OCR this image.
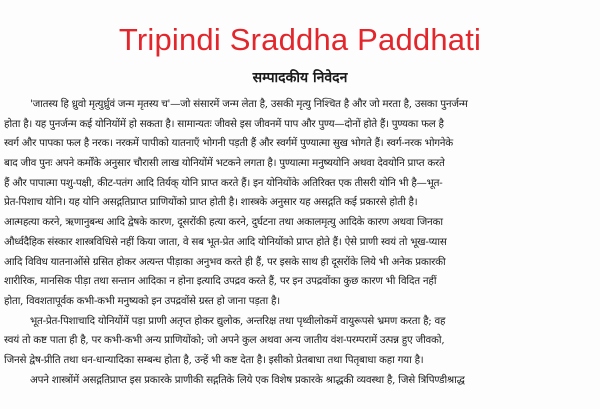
Tripindi Sraddha Paddhati
सम्पादकीय निवेदन
'जातस्य हि ध्रुवो मृत्युर्ध्रुवं जन्म मृतस्य च'—जो संसारमें जन्म लेता है, उसकी मृत्यु निश्चित है और जो मरता है, उसका पुनर्जन्म
होता है। यह पुनर्जन्म कई योनियोंमें हो सकता है। सामान्यतः जीवसे इस जीवनमें पाप और पुण्य—दोनों होते हैं। पुण्यका फल है
स्वर्ग और पापका फल है नरक। नरकमें पापीको यातनाएँ भोगनी पड़ती हैं और स्वर्गमें पुण्यात्मा सुख भोगते हैं। स्वर्ग-नरक भोगनेके
बाद जीव पुनः अपने कर्मोंके अनुसार चौरासी लाख योनियोंमें भटकने लगता है। पुण्यात्मा मनुष्ययोनि अथवा देवयोनि प्राप्त करते
हैं और पापात्मा पशु-पक्षी, कीट-पतंग आदि तिर्यक् योनि प्राप्त करते हैं। इन योनियोंके अतिरिक्त एक तीसरी योनि भी है—भूत-
प्रेत-पिशाच योनि। यह योनि असद्गतिप्राप्त प्राणियोंको प्राप्त होती है। शास्त्रके अनुसार यह असद्गति कई प्रकारसे होती है।
आत्महत्या करने, ऋणानुबन्ध आदि द्वेषके कारण, दूसरोंकी हत्या करने, दुर्घटना तथा अकालमृत्यु आदिके कारण अथवा जिनका
और्ध्वदैहिक संस्कार शास्त्रविधिसे नहीं किया जाता, वे सब भूत-प्रेत आदि योनियोंको प्राप्त होते हैं। ऐसे प्राणी स्वयं तो भूख-प्यास
आदि विविध यातनाओंसे ग्रसित होकर अत्यन्त पीड़ाका अनुभव करते ही हैं, पर इसके साथ ही दूसरोंके लिये भी अनेक प्रकारकी
शारीरिक, मानसिक पीड़ा तथा सन्तान आदिका न होना इत्यादि उपद्रव करते हैं, पर इन उपद्रवोंका कुछ कारण भी विदित नहीं
होता, विवशतापूर्वक कभी-कभी मनुष्यको इन उपद्रवोंसे ग्रस्त हो जाना पड़ता है।
भूत-प्रेत-पिशाचादि योनियोंमें पड़ा प्राणी अतृप्त होकर द्युलोक, अन्तरिक्ष तथा पृथ्वीलोकमें वायुरूपसे भ्रमण करता है; वह
स्वयं तो कष्ट पाता ही है, पर कभी-कभी अन्य प्राणियोंको; जो अपने कुल अथवा अन्य जातीय वंश-परम्परामें उत्पन्न हुए जीवको,
जिनसे द्वेष-प्रीति तथा धन-धान्यादिका सम्बन्ध होता है, उन्हें भी कष्ट देता है। इसीको प्रेतबाधा तथा पितृबाधा कहा गया है।
अपने शास्त्रोंमें असद्गतिप्राप्त इस प्रकारके प्राणीकी सद्गतिके लिये एक विशेष प्रकारके श्राद्धकी व्यवस्था है, जिसे त्रिपिण्डीश्राद्ध
